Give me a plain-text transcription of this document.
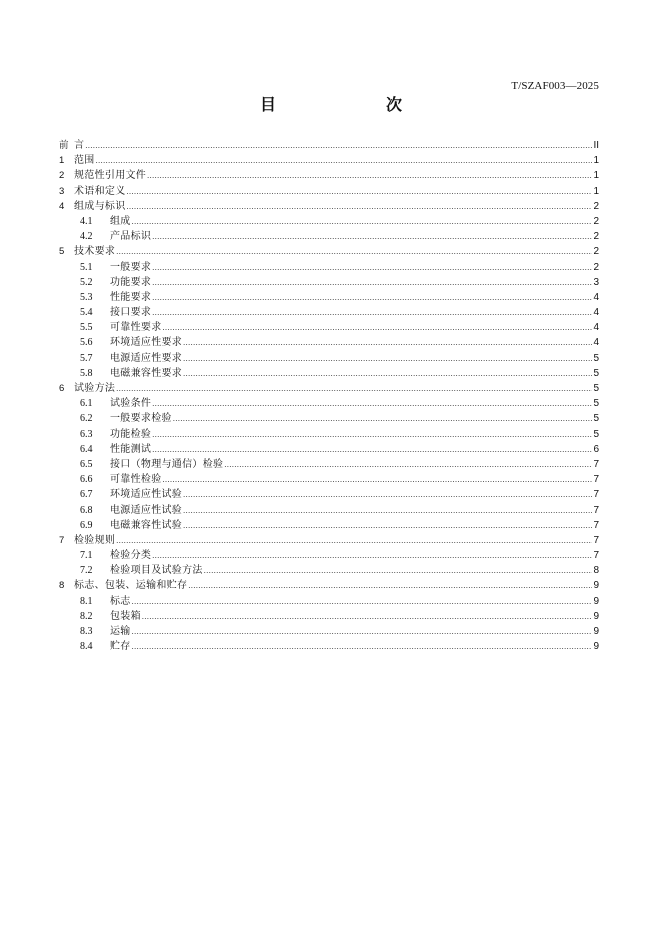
T/SZAF003—2025
目　　次
前 言 .....	II
1 范围 .....	1
2 规范性引用文件 .....	1
3 术语和定义 .....	1
4 组成与标识 .....	2
4.1	组成 .....	2
4.2	产品标识 .....	2
5 技术要求 .....	2
5.1	一般要求 .....	2
5.2	功能要求 .....	3
5.3	性能要求 .....	4
5.4	接口要求 .....	4
5.5	可靠性要求 .....	4
5.6	环境适应性要求 .....	4
5.7	电源适应性要求 .....	5
5.8	电磁兼容性要求 .....	5
6 试验方法 .....	5
6.1	试验条件 .....	5
6.2	一般要求检验 .....	5
6.3	功能检验 .....	5
6.4	性能测试 .....	6
6.5	接口（物理与通信）检验 .....	7
6.6	可靠性检验 .....	7
6.7	环境适应性试验 .....	7
6.8	电源适应性试验 .....	7
6.9	电磁兼容性试验 .....	7
7 检验规则 .....	7
7.1	检验分类 .....	7
7.2	检验项目及试验方法 .....	8
8 标志、包装、运输和贮存 .....	9
8.1	标志 .....	9
8.2	包装箱 .....	9
8.3	运输 .....	9
8.4	贮存 .....	9
